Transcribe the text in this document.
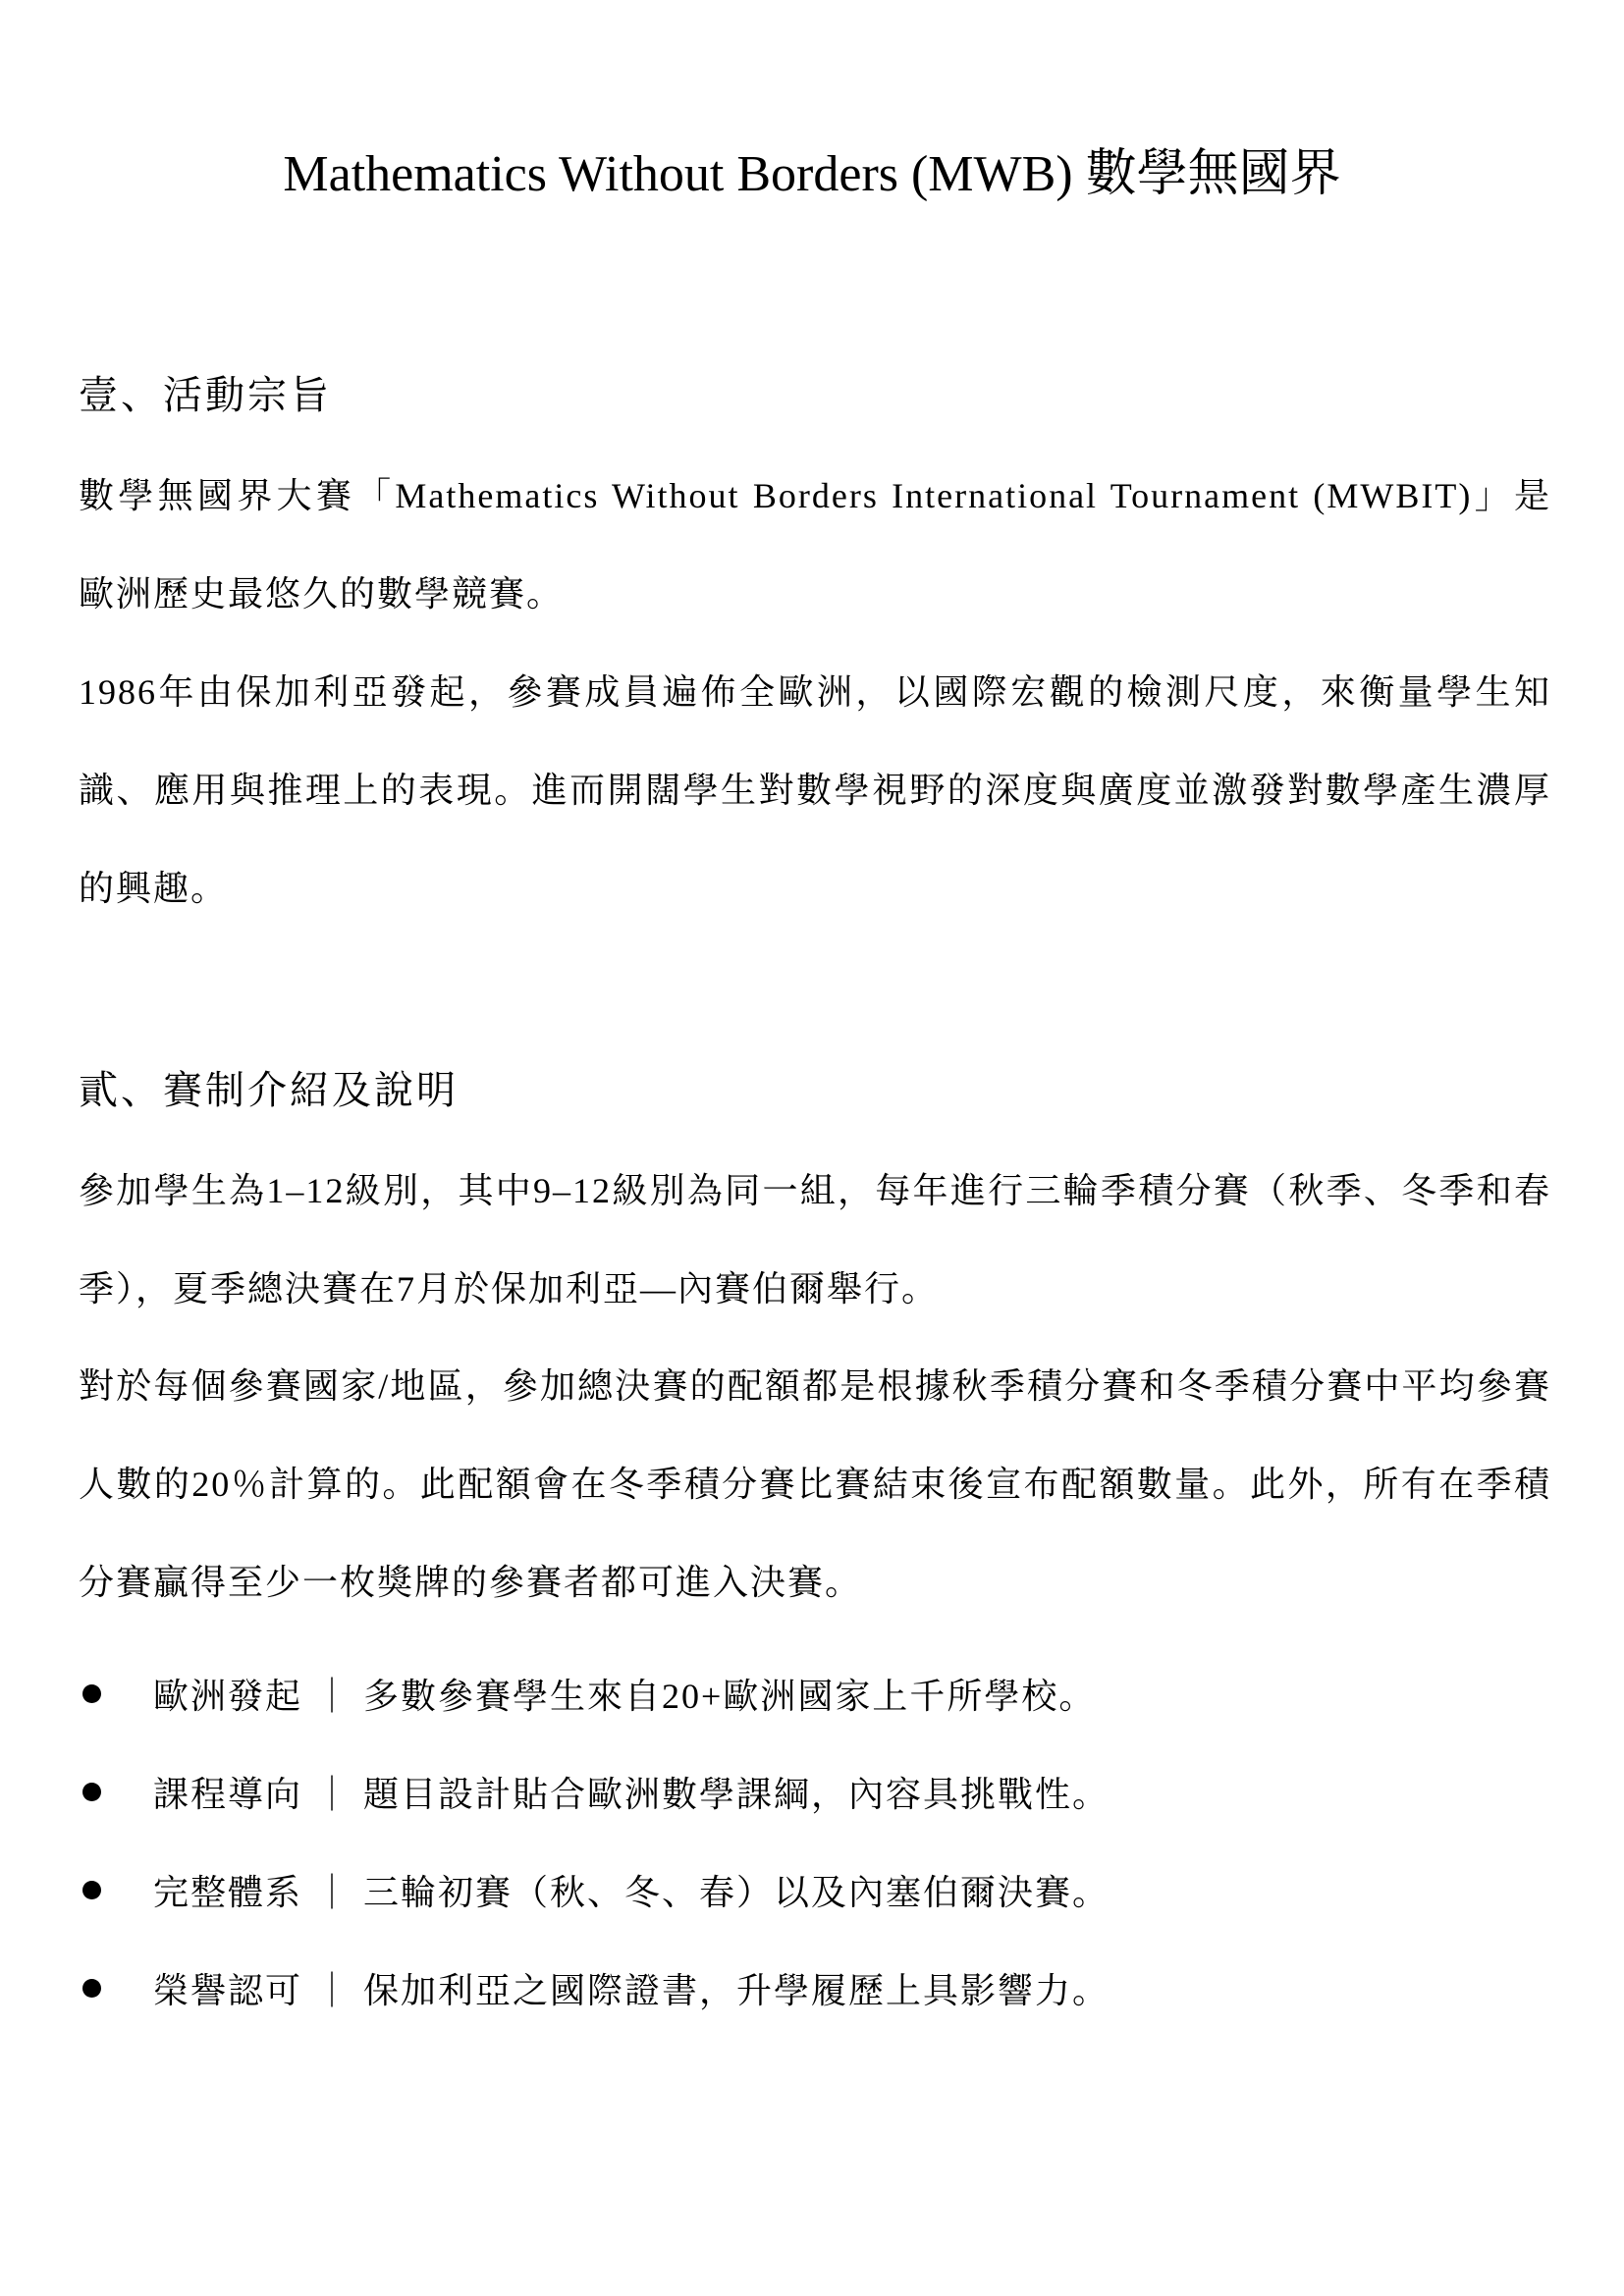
Mathematics Without Borders (MWB) 數學無國界
壹、活動宗旨
數學無國界大賽「Mathematics Without Borders International Tournament (MWBIT)」是歐洲歷史最悠久的數學競賽。
1986年由保加利亞發起，參賽成員遍佈全歐洲，以國際宏觀的檢測尺度，來衡量學生知識、應用與推理上的表現。進而開闊學生對數學視野的深度與廣度並激發對數學產生濃厚的興趣。
貳、賽制介紹及說明
參加學生為1–12級別，其中9–12級別為同一組，每年進行三輪季積分賽（秋季、冬季和春季），夏季總決賽在7月於保加利亞—內賽伯爾舉行。
對於每個參賽國家/地區，參加總決賽的配額都是根據秋季積分賽和冬季積分賽中平均參賽人數的20％計算的。此配額會在冬季積分賽比賽結束後宣布配額數量。此外，所有在季積分賽贏得至少一枚獎牌的參賽者都可進入決賽。
歐洲發起 ｜ 多數參賽學生來自20+歐洲國家上千所學校。
課程導向 ｜ 題目設計貼合歐洲數學課綱，內容具挑戰性。
完整體系 ｜ 三輪初賽（秋、冬、春）以及內塞伯爾決賽。
榮譽認可 ｜ 保加利亞之國際證書，升學履歷上具影響力。
